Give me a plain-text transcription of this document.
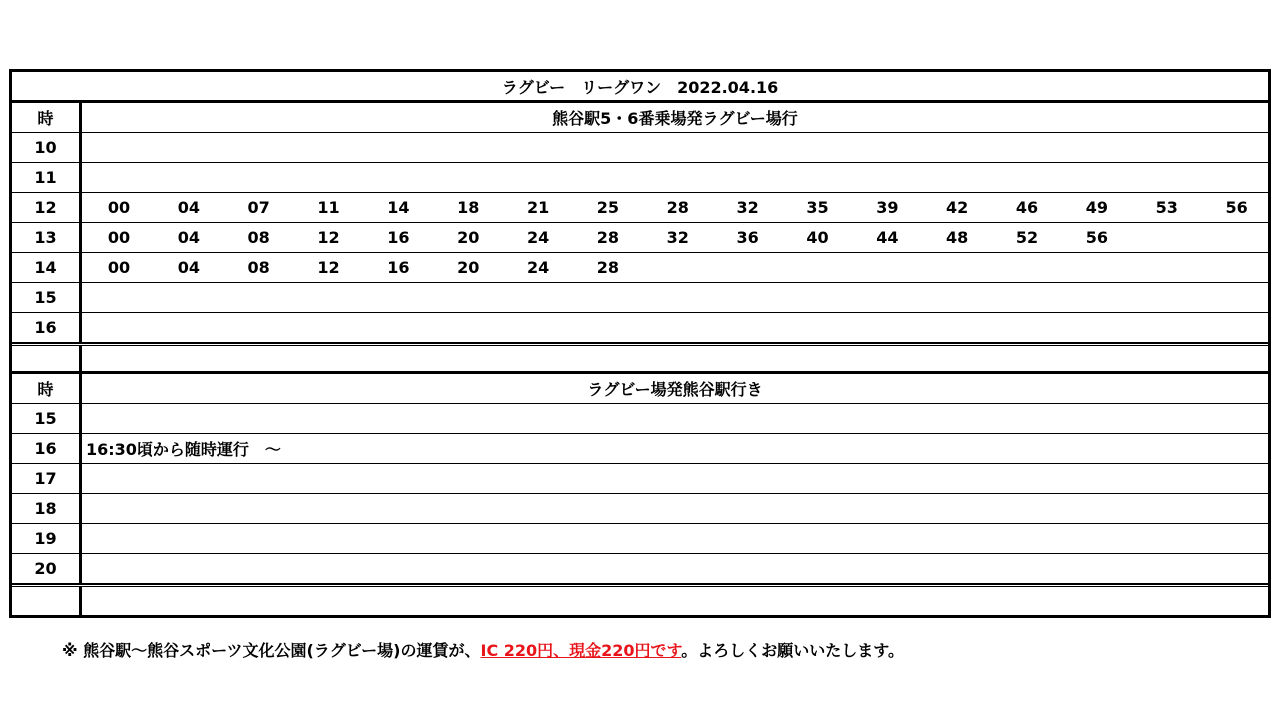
ラグビー　リーグワン　2022.04.16
時	熊谷駅5・6番乗場発ラグビー場行
10
11
12	00	04	07	11	14	18	21	25	28	32	35	39	42	46	49	53	56
13	00	04	08	12	16	20	24	28	32	36	40	44	48	52	56
14	00	04	08	12	16	20	24	28
15
16
時	ラグビー場発熊谷駅行き
15
16	16:30頃から随時運行　～
17
18
19
20
※ 熊谷駅～熊谷スポーツ文化公園(ラグビー場)の運賃が、IC 220円、現金220円です。よろしくお願いいたします。
